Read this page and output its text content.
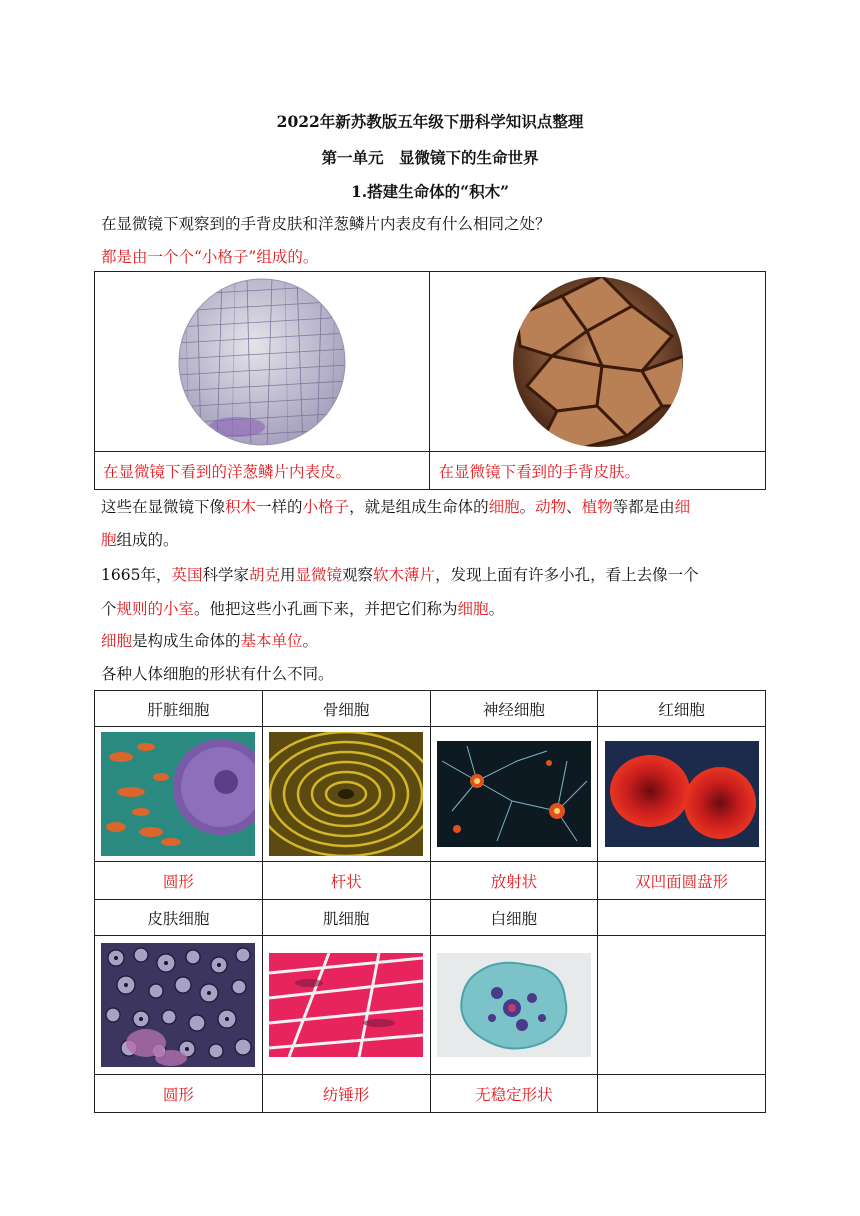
2022年新苏教版五年级下册科学知识点整理
第一单元　显微镜下的生命世界
1.搭建生命体的“积木”
在显微镜下观察到的手背皮肤和洋葱鳞片内表皮有什么相同之处？
都是由一个个“小格子”组成的。

在显微镜下看到的洋葱鳞片内表皮。	在显微镜下看到的手背皮肤。
这些在显微镜下像积木一样的小格子，就是组成生命体的细胞。动物、植物等都是由细
胞组成的。
1665年，英国科学家胡克用显微镜观察软木薄片，发现上面有许多小孔，看上去像一个
个规则的小室。他把这些小孔画下来，并把它们称为细胞。
细胞是构成生命体的基本单位。
各种人体细胞的形状有什么不同。
肝脏细胞	骨细胞	神经细胞	红细胞

圆形	杆状	放射状	双凹面圆盘形
皮肤细胞	肌细胞	白细胞	

圆形	纺锤形	无稳定形状	
